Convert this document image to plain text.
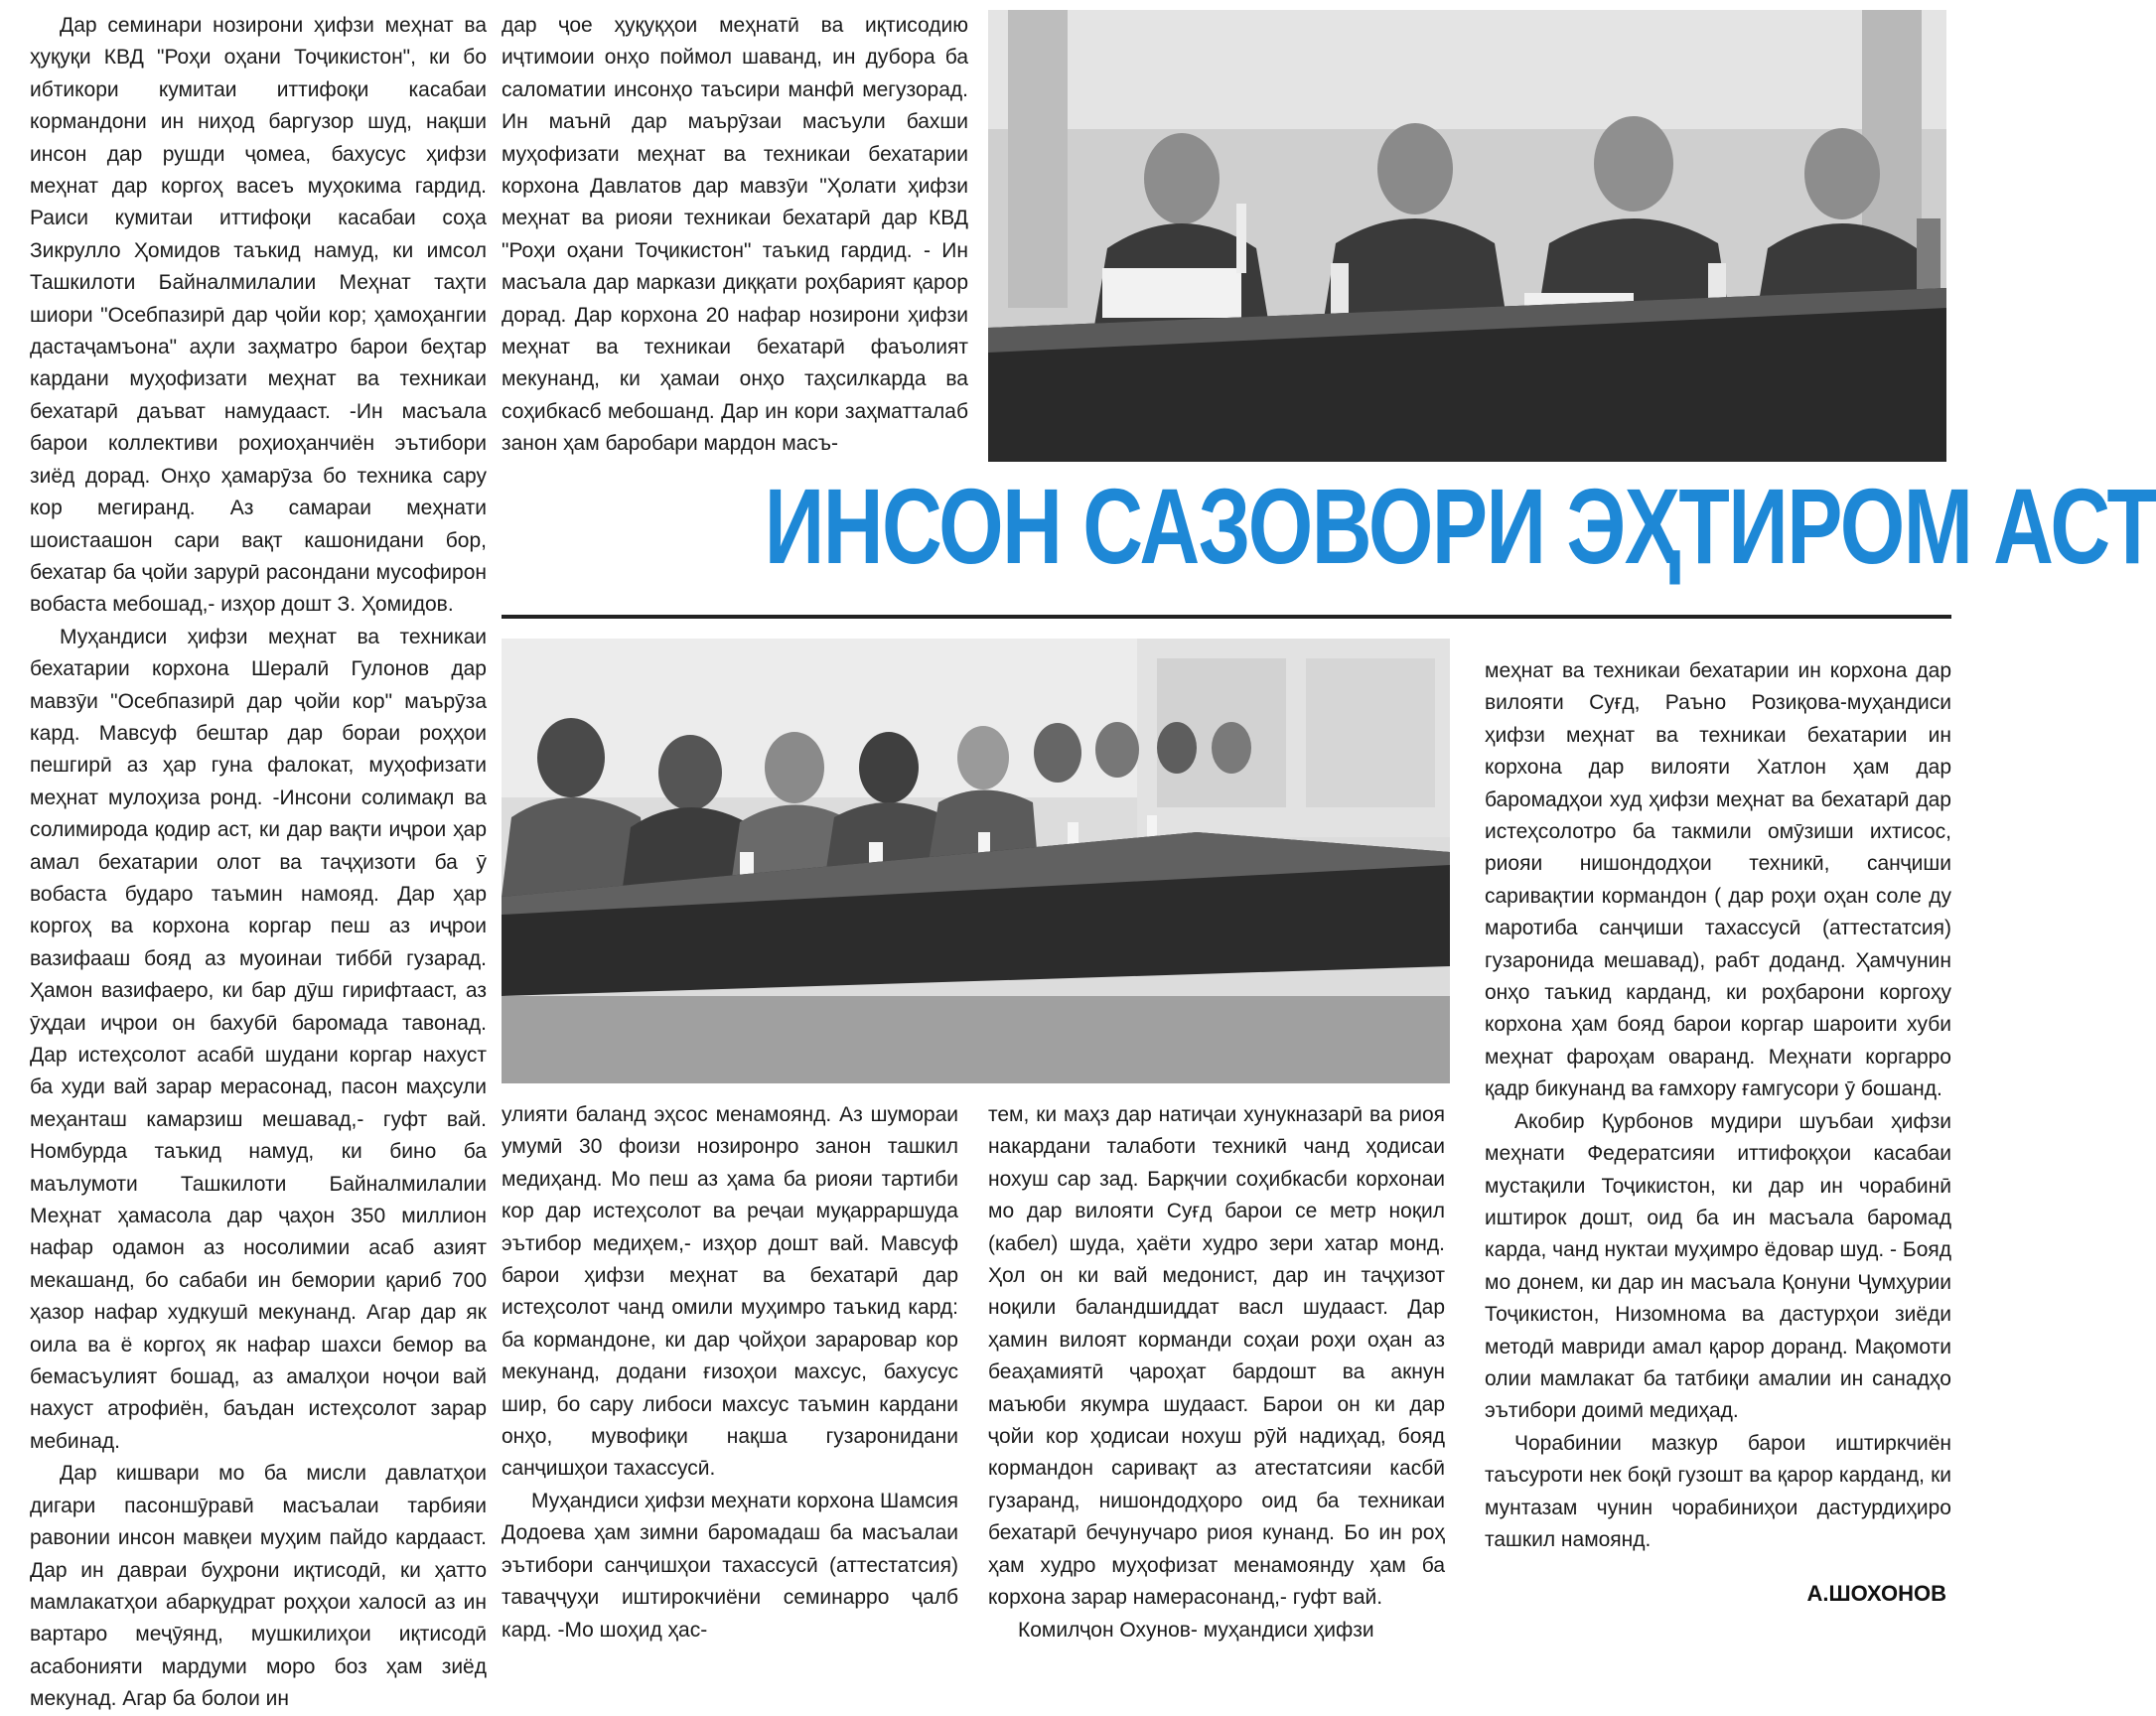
Дар семинари нозирони ҳифзи меҳнат ва ҳуқуқи КВД "Роҳи оҳани Тоҷикистон", ки бо ибтикори кумитаи иттифоқи касабаи кормандони ин ниҳод баргузор шуд, нақши инсон дар рушди ҷомеа, бахусус ҳифзи меҳнат дар коргоҳ васеъ муҳокима гардид. Раиси кумитаи иттифоқи касабаи соҳа Зикрулло Ҳомидов таъкид намуд, ки имсол Ташкилоти Байналмилалии Меҳнат таҳти шиори "Осебпазирӣ дар ҷойи кор; ҳамоҳангии дастаҷамъона" аҳли заҳматро барои беҳтар кардани муҳофизати меҳнат ва техникаи бехатарӣ даъват намудааст. -Ин масъала барои коллективи роҳиоҳанчиён эътибори зиёд дорад. Онҳо ҳамарӯза бо техника сару кор мегиранд. Аз самараи меҳнати шоистаашон сари вақт кашонидани бор, бехатар ба ҷойи зарурӣ расондани мусофирон вобаста мебошад,- изҳор дошт З. Ҳомидов.

Муҳандиси ҳифзи меҳнат ва техникаи бехатарии корхона Шералӣ Гулонов дар мавзӯи "Осебпазирӣ дар ҷойи кор" маърӯза кард. Мавсуф бештар дар бораи роҳҳои пешгирӣ аз ҳар гуна фалокат, муҳофизати меҳнат мулоҳиза ронд. -Инсони солимақл ва солимирода қодир аст, ки дар вақти иҷрои ҳар амал бехатарии олот ва таҷҳизоти ба ӯ вобаста бударо таъмин намояд. Дар ҳар коргоҳ ва корхона коргар пеш аз иҷрои вазифааш бояд аз муоинаи тиббӣ гузарад. Ҳамон вазифаеро, ки бар дӯш гирифтааст, аз ӯҳдаи иҷрои он бахубӣ баромада тавонад. Дар истеҳсолот асабӣ шудани коргар нахуст ба худи вай зарар мерасонад, пасон маҳсули меҳанташ камарзиш мешавад,- гуфт вай. Номбурда таъкид намуд, ки бино ба маълумоти Ташкилоти Байналмилалии Меҳнат ҳамасола дар ҷаҳон 350 миллион нафар одамон аз носолимии асаб азият мекашанд, бо сабаби ин бемории қариб 700 ҳазор нафар худкушӣ мекунанд. Агар дар як оила ва ё коргоҳ як нафар шахси бемор ва бемасъулият бошад, аз амалҳои ноҷои вай нахуст атрофиён, баъдан истеҳсолот зарар мебинад.

Дар кишвари мо ба мисли давлатҳои дигари пасоншӯравӣ масъалаи тарбияи равонии инсон мавқеи муҳим пайдо кардааст. Дар ин давраи буҳрони иқтисодӣ, ки ҳатто мамлакатҳои абарқудрат роҳҳои халосӣ аз ин вартаро меҷӯянд, мушкилиҳои иқтисодӣ асабонияти мардуми моро боз ҳам зиёд мекунад. Агар ба болои ин

дар ҷое ҳуқуқҳои меҳнатӣ ва иқтисодию иҷтимоии онҳо поймол шаванд, ин дубора ба саломатии инсонҳо таъсири манфӣ мегузорад. Ин маънӣ дар маърӯзаи масъули бахши муҳофизати меҳнат ва техникаи бехатарии корхона Давлатов дар мавзӯи "Ҳолати ҳифзи меҳнат ва риояи техникаи бехатарӣ дар КВД "Роҳи оҳани Тоҷикистон" таъкид гардид. - Ин масъала дар маркази диққати роҳбарият қарор дорад. Дар корхона 20 нафар нозирони ҳифзи меҳнат ва техникаи бехатарӣ фаъолият мекунанд, ки ҳамаи онҳо таҳсилкарда ва соҳибкасб мебошанд. Дар ин кори заҳматталаб занон ҳам баробари мардон масъ-

ИНСОН САЗОВОРИ ЭҲТИРОМ АСТ

улияти баланд эҳсос менамоянд. Аз шумораи умумӣ 30 фоизи нозиронро занон ташкил медиҳанд. Мо пеш аз ҳама ба риояи тартиби кор дар истеҳсолот ва реҷаи муқарраршуда эътибор медиҳем,- изҳор дошт вай. Мавсуф барои ҳифзи меҳнат ва бехатарӣ дар истеҳсолот чанд омили муҳимро таъкид кард: ба кормандоне, ки дар ҷойҳои зараровар кор мекунанд, додани ғизоҳои махсус, бахусус шир, бо сару либоси махсус таъмин кардани онҳо, мувофиқи нақша гузаронидани санҷишҳои тахассусӣ.

Муҳандиси ҳифзи меҳнати корхона Шамсия Додоева ҳам зимни баромадаш ба масъалаи эътибори санҷишҳои тахассусӣ (аттестатсия) таваҷҷуҳи иштирокчиёни семинарро ҷалб кард. -Мо шоҳид ҳас-

тем, ки маҳз дар натиҷаи хунукназарӣ ва риоя накардани талаботи техникӣ чанд ҳодисаи нохуш сар зад. Барқчии соҳибкасби корхонаи мо дар вилояти Суғд барои се метр ноқил (кабел) шуда, ҳаёти худро зери хатар монд. Ҳол он ки вай медонист, дар ин таҷҳизот ноқили баландшиддат васл шудааст. Дар ҳамин вилоят корманди соҳаи роҳи оҳан аз беаҳамиятӣ ҷароҳат бардошт ва акнун маъюби якумра шудааст. Барои он ки дар ҷойи кор ҳодисаи нохуш рӯй надиҳад, бояд кормандон саривақт аз атестатсияи касбӣ гузаранд, нишондодҳоро оид ба техникаи бехатарӣ бечунучаро риоя кунанд. Бо ин роҳ ҳам худро муҳофизат менамоянду ҳам ба корхона зарар намерасонанд,- гуфт вай.

Комилҷон Охунов- муҳандиси ҳифзи

меҳнат ва техникаи бехатарии ин корхона дар вилояти Суғд, Раъно Розиқова-муҳандиси ҳифзи меҳнат ва техникаи бехатарии ин корхона дар вилояти Хатлон ҳам дар баромадҳои худ ҳифзи меҳнат ва бехатарӣ дар истеҳсолотро ба такмили омӯзиши ихтисос, риояи нишондодҳои техникӣ, санҷиши саривақтии кормандон ( дар роҳи оҳан соле ду маротиба санҷиши тахассусӣ (аттестатсия) гузаронида мешавад), рабт доданд. Ҳамчунин онҳо таъкид карданд, ки роҳбарони коргоҳу корхона ҳам бояд барои коргар шароити хуби меҳнат фароҳам оваранд. Меҳнати коргарро қадр бикунанд ва ғамхору ғамгусори ӯ бошанд.

Акобир Қурбонов мудири шуъбаи ҳифзи меҳнати Федератсияи иттифоқҳои касабаи мустақили Тоҷикистон, ки дар ин чорабинӣ иштирок дошт, оид ба ин масъала баромад карда, чанд нуктаи муҳимро ёдовар шуд. - Бояд мо донем, ки дар ин масъала Қонуни Ҷумҳурии Тоҷикистон, Низомнома ва дастурҳои зиёди методӣ мавриди амал қарор доранд. Мақомоти олии мамлакат ба татбиқи амалии ин санадҳо эътибори доимӣ медиҳад.

Чорабинии мазкур барои иштиркчиён таъсуроти нек боқӣ гузошт ва қарор карданд, ки мунтазам чунин чорабиниҳои дастурдиҳиро ташкил намоянд.

А.ШОХОНОВ
